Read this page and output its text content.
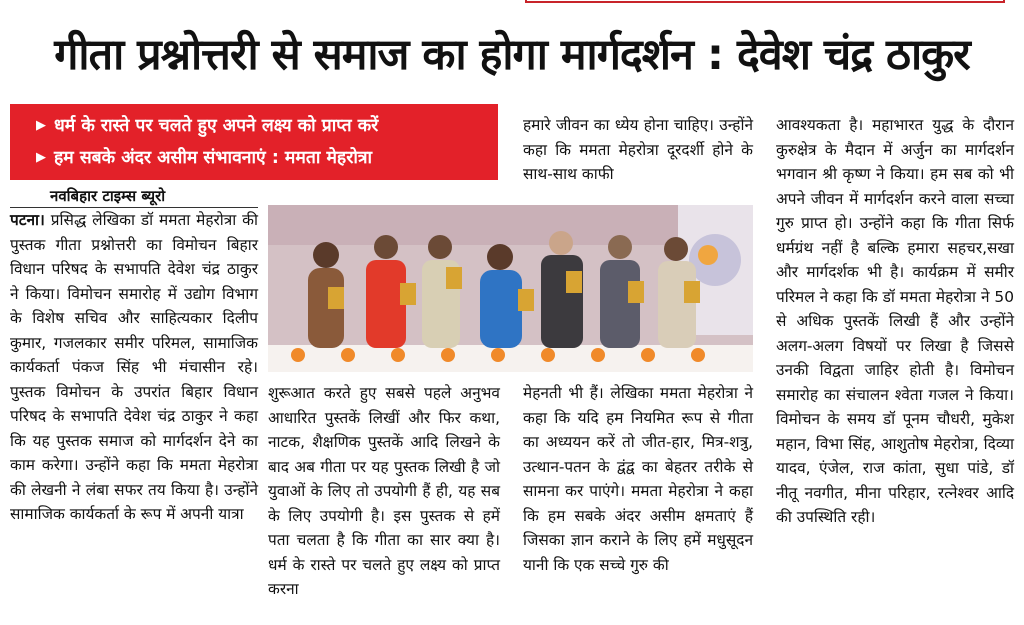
गीता प्रश्नोत्तरी से समाज का होगा मार्गदर्शन : देवेश चंद्र ठाकुर
▶ धर्म के रास्ते पर चलते हुए अपने लक्ष्य को प्राप्त करें
▶ हम सबके अंदर असीम संभावनाएं : ममता मेहरोत्रा
नवबिहार टाइम्स ब्यूरो

पटना। प्रसिद्ध लेखिका डॉ ममता मेहरोत्रा की पुस्तक गीता प्रश्नोत्तरी का विमोचन बिहार विधान परिषद के सभापति देवेश चंद्र ठाकुर ने किया। विमोचन समारोह में उद्योग विभाग के विशेष सचिव और साहित्यकार दिलीप कुमार, गजलकार समीर परिमल, सामाजिक कार्यकर्ता पंकज सिंह भी मंचासीन रहे। पुस्तक विमोचन के उपरांत बिहार विधान परिषद के सभापति देवेश चंद्र ठाकुर ने कहा कि यह पुस्तक समाज को मार्गदर्शन देने का काम करेगा। उन्होंने कहा कि ममता मेहरोत्रा की लेखनी ने लंबा सफर तय किया है। उन्होंने सामाजिक कार्यकर्ता के रूप में अपनी यात्रा

शुरूआत करते हुए सबसे पहले अनुभव आधारित पुस्तकें लिखीं और फिर कथा, नाटक, शैक्षणिक पुस्तकें आदि लिखने के बाद अब गीता पर यह पुस्तक लिखी है जो युवाओं के लिए तो उपयोगी हैं ही, यह सब के लिए उपयोगी है। इस पुस्तक से हमें पता चलता है कि गीता का सार क्या है। धर्म के रास्ते पर चलते हुए लक्ष्य को प्राप्त करना

हमारे जीवन का ध्येय होना चाहिए। उन्होंने कहा कि ममता मेहरोत्रा दूरदर्शी होने के साथ-साथ काफी

मेहनती भी हैं। लेखिका ममता मेहरोत्रा ने कहा कि यदि हम नियमित रूप से गीता का अध्ययन करें तो जीत-हार, मित्र-शत्रु, उत्थान-पतन के द्वंद्व का बेहतर तरीके से सामना कर पाएंगे। ममता मेहरोत्रा ने कहा कि हम सबके अंदर असीम क्षमताएं हैं जिसका ज्ञान कराने के लिए हमें मधुसूदन यानी कि एक सच्चे गुरु की

आवश्यकता है। महाभारत युद्ध के दौरान कुरुक्षेत्र के मैदान में अर्जुन का मार्गदर्शन भगवान श्री कृष्ण ने किया। हम सब को भी अपने जीवन में मार्गदर्शन करने वाला सच्चा गुरु प्राप्त हो। उन्होंने कहा कि गीता सिर्फ धर्मग्रंथ नहीं है बल्कि हमारा सहचर,सखा और मार्गदर्शक भी है। कार्यक्रम में समीर परिमल ने कहा कि डॉ ममता मेहरोत्रा ने 50 से अधिक पुस्तकें लिखी हैं और उन्होंने अलग-अलग विषयों पर लिखा है जिससे उनकी विद्वता जाहिर होती है। विमोचन समारोह का संचालन श्वेता गजल ने किया। विमोचन के समय डॉ पूनम चौधरी, मुकेश महान, विभा सिंह, आशुतोष मेहरोत्रा, दिव्या यादव, एंजेल, राज कांता, सुधा पांडे, डॉ नीतू नवगीत, मीना परिहार, रत्नेश्वर आदि की उपस्थिति रही।
